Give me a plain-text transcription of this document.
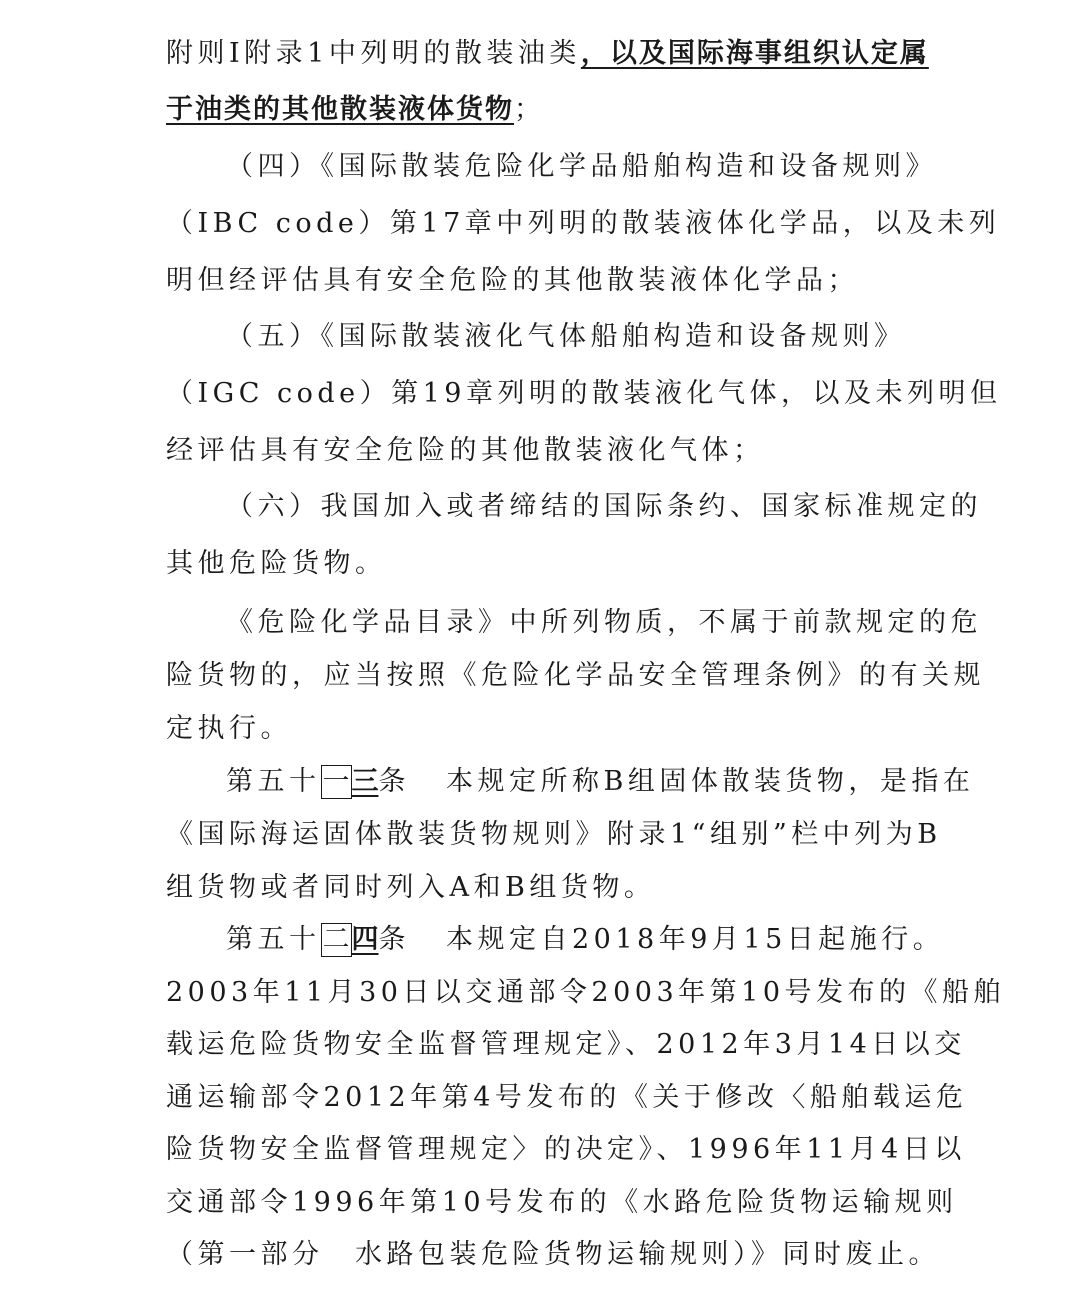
附则Ⅰ附录1中列明的散装油类，以及国际海事组织认定属
于油类的其他散装液体货物；
（四）《国际散装危险化学品船舶构造和设备规则》
（IBC code）第17章中列明的散装液体化学品，以及未列
明但经评估具有安全危险的其他散装液体化学品；
（五）《国际散装液化气体船舶构造和设备规则》
（IGC code）第19章列明的散装液化气体，以及未列明但
经评估具有安全危险的其他散装液化气体；
（六）我国加入或者缔结的国际条约、国家标准规定的
其他危险货物。
《危险化学品目录》中所列物质，不属于前款规定的危
险货物的，应当按照《危险化学品安全管理条例》的有关规
定执行。
第五十一三条 本规定所称B组固体散装货物，是指在
《国际海运固体散装货物规则》附录1“组别”栏中列为B
组货物或者同时列入A和B组货物。
第五十二四条 本规定自2018年9月15日起施行。
2003年11月30日以交通部令2003年第10号发布的《船舶
载运危险货物安全监督管理规定》、2012年3月14日以交
通运输部令2012年第4号发布的《关于修改〈船舶载运危
险货物安全监督管理规定〉的决定》、1996年11月4日以
交通部令1996年第10号发布的《水路危险货物运输规则
（第一部分　水路包装危险货物运输规则）》同时废止。
